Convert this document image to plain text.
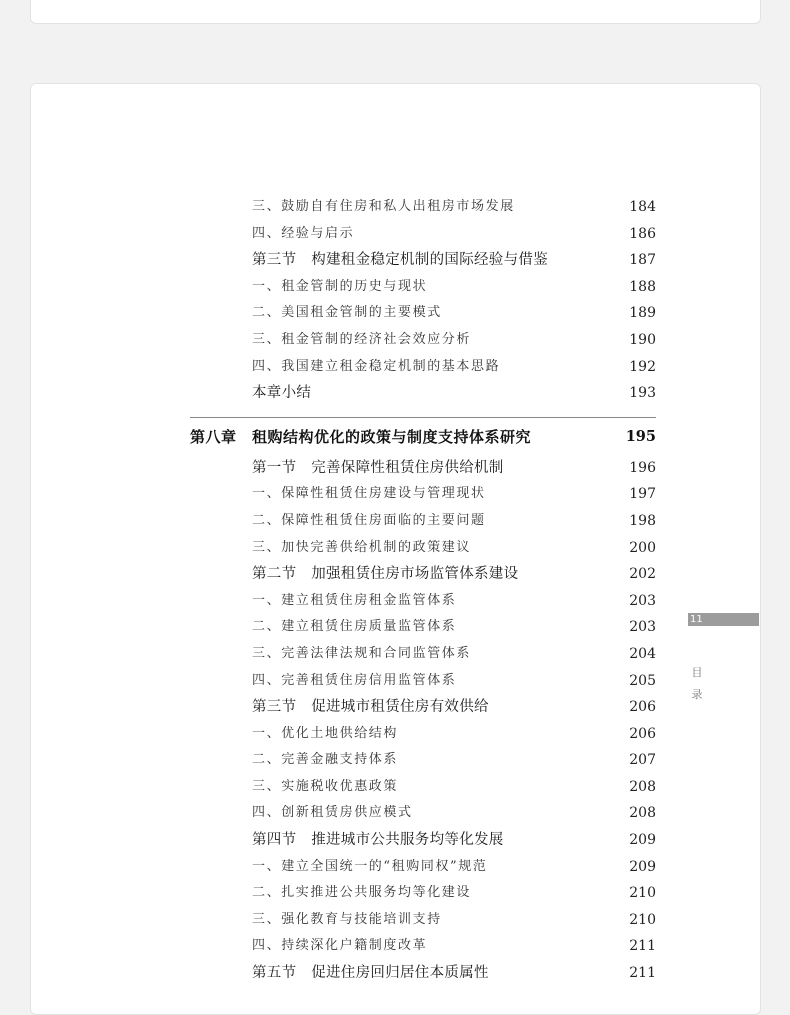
三、鼓励自有住房和私人出租房市场发展	184
四、经验与启示	186
第三节　构建租金稳定机制的国际经验与借鉴	187
一、租金管制的历史与现状	188
二、美国租金管制的主要模式	189
三、租金管制的经济社会效应分析	190
四、我国建立租金稳定机制的基本思路	192
本章小结	193
第八章 租购结构优化的政策与制度支持体系研究	195
第一节　完善保障性租赁住房供给机制	196
一、保障性租赁住房建设与管理现状	197
二、保障性租赁住房面临的主要问题	198
三、加快完善供给机制的政策建议	200
第二节　加强租赁住房市场监管体系建设	202
一、建立租赁住房租金监管体系	203
二、建立租赁住房质量监管体系	203
三、完善法律法规和合同监管体系	204
四、完善租赁住房信用监管体系	205
第三节　促进城市租赁住房有效供给	206
一、优化土地供给结构	206
二、完善金融支持体系	207
三、实施税收优惠政策	208
四、创新租赁房供应模式	208
第四节　推进城市公共服务均等化发展	209
一、建立全国统一的“租购同权”规范	209
二、扎实推进公共服务均等化建设	210
三、强化教育与技能培训支持	210
四、持续深化户籍制度改革	211
第五节　促进住房回归居住本质属性	211
11
目
录
